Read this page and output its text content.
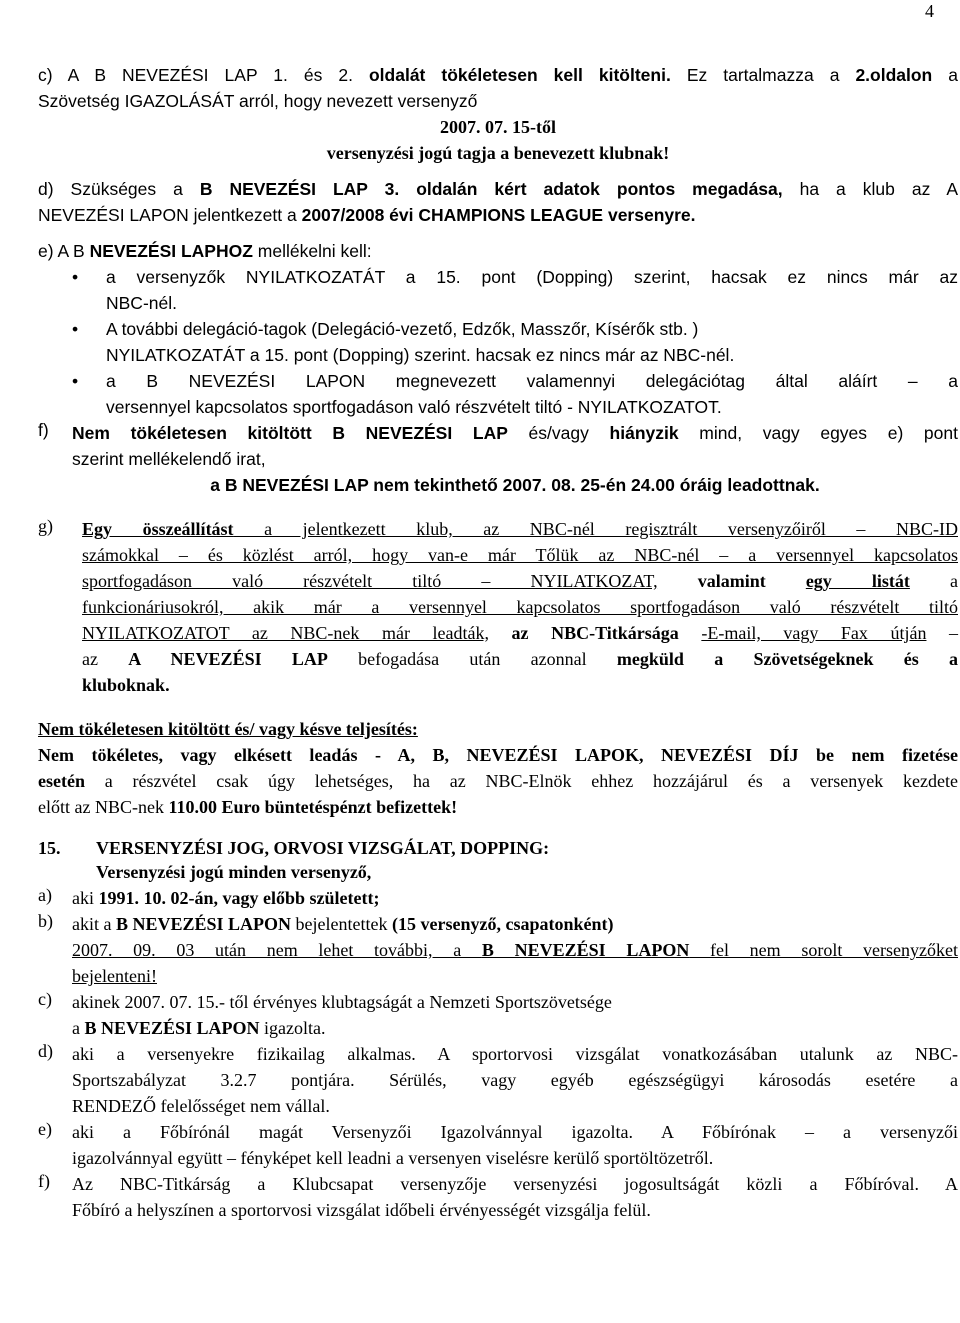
4

c) A B NEVEZÉSI LAP 1. és 2. oldalát tökéletesen kell kitölteni. Ez tartalmazza a 2.oldalon a

Szövetség IGAZOLÁSÁT arról, hogy nevezett versenyző

2007. 07. 15-től

versenyzési jogú tagja a benevezett klubnak!

d) Szükséges a B NEVEZÉSI LAP 3. oldalán kért adatok pontos megadása, ha a klub az A

NEVEZÉSI LAPON jelentkezett a 2007/2008 évi CHAMPIONS LEAGUE versenyre.

e) A B NEVEZÉSI LAPHOZ mellékelni kell:

• a versenyzők NYILATKOZATÁT a 15. pont (Dopping) szerint, hacsak ez nincs már az
NBC-nél.
• A további delegáció-tagok (Delegáció-vezető, Edzők, Masszőr, Kísérők stb. )
NYILATKOZATÁT a 15. pont (Dopping) szerint. hacsak ez nincs már az NBC-nél.
• a B NEVEZÉSI LAPON megnevezett valamennyi delegációtag által aláírt – a
versennyel kapcsolatos sportfogadáson való részvételt tiltó - NYILATKOZATOT.
f)	Nem tökéletesen kitöltött B NEVEZÉSI LAP és/vagy hiányzik mind, vagy egyes e) pont

szerint mellékelendő irat,

a B NEVEZÉSI LAP nem tekinthető 2007. 08. 25-én 24.00 óráig leadottnak.

g)	Egy összeállítást a jelentkezett klub, az NBC-nél regisztrált versenyzőiről – NBC-ID

számokkal – és közlést arról, hogy van-e már Tőlük az NBC-nél – a versennyel kapcsolatos

sportfogadáson való részvételt tiltó – NYILATKOZAT, valamint egy listát a

funkcionáriusokról, akik már a versennyel kapcsolatos sportfogadáson való részvételt tiltó

NYILATKOZATOT az NBC-nek már leadták, az NBC-Titkársága -E-mail, vagy Fax útján –

az A NEVEZÉSI LAP befogadása után azonnal megküld a Szövetségeknek és a

kluboknak.

Nem tökéletesen kitöltött és/ vagy késve teljesítés:

Nem tökéletes, vagy elkésett leadás - A, B, NEVEZÉSI LAPOK, NEVEZÉSI DÍJ be nem fizetése

esetén a részvétel csak úgy lehetséges, ha az NBC-Elnök ehhez hozzájárul és a versenyek kezdete

előtt az NBC-nek 110.00 Euro büntetéspénzt befizettek!

15.	VERSENYZÉSI JOG, ORVOSI VIZSGÁLAT, DOPPING:

Versenyzési jogú minden versenyző,

a)	aki 1991. 10. 02-án, vagy előbb született;

b)	akit a B NEVEZÉSI LAPON bejelentettek (15 versenyző, csapatonként)

2007. 09. 03 után nem lehet további, a B NEVEZÉSI LAPON fel nem sorolt versenyzőket

bejelenteni!

c)	akinek 2007. 07. 15.- től érvényes klubtagságát a Nemzeti Sportszövetsége

a B NEVEZÉSI LAPON igazolta.

d)	aki a versenyekre fizikailag alkalmas. A sportorvosi vizsgálat vonatkozásában utalunk az NBC-

Sportszabályzat 3.2.7 pontjára. Sérülés, vagy egyéb egészségügyi károsodás esetére a

RENDEZŐ felelősséget nem vállal.

e)	aki a Főbírónál magát Versenyzői Igazolvánnyal igazolta. A Főbírónak – a versenyzői

igazolvánnyal együtt – fényképet kell leadni a versenyen viselésre kerülő sportöltözetről.

f)	Az NBC-Titkárság a Klubcsapat versenyzője versenyzési jogosultságát közli a Főbíróval. A

Főbíró a helyszínen a sportorvosi vizsgálat időbeli érvényességét vizsgálja felül.
